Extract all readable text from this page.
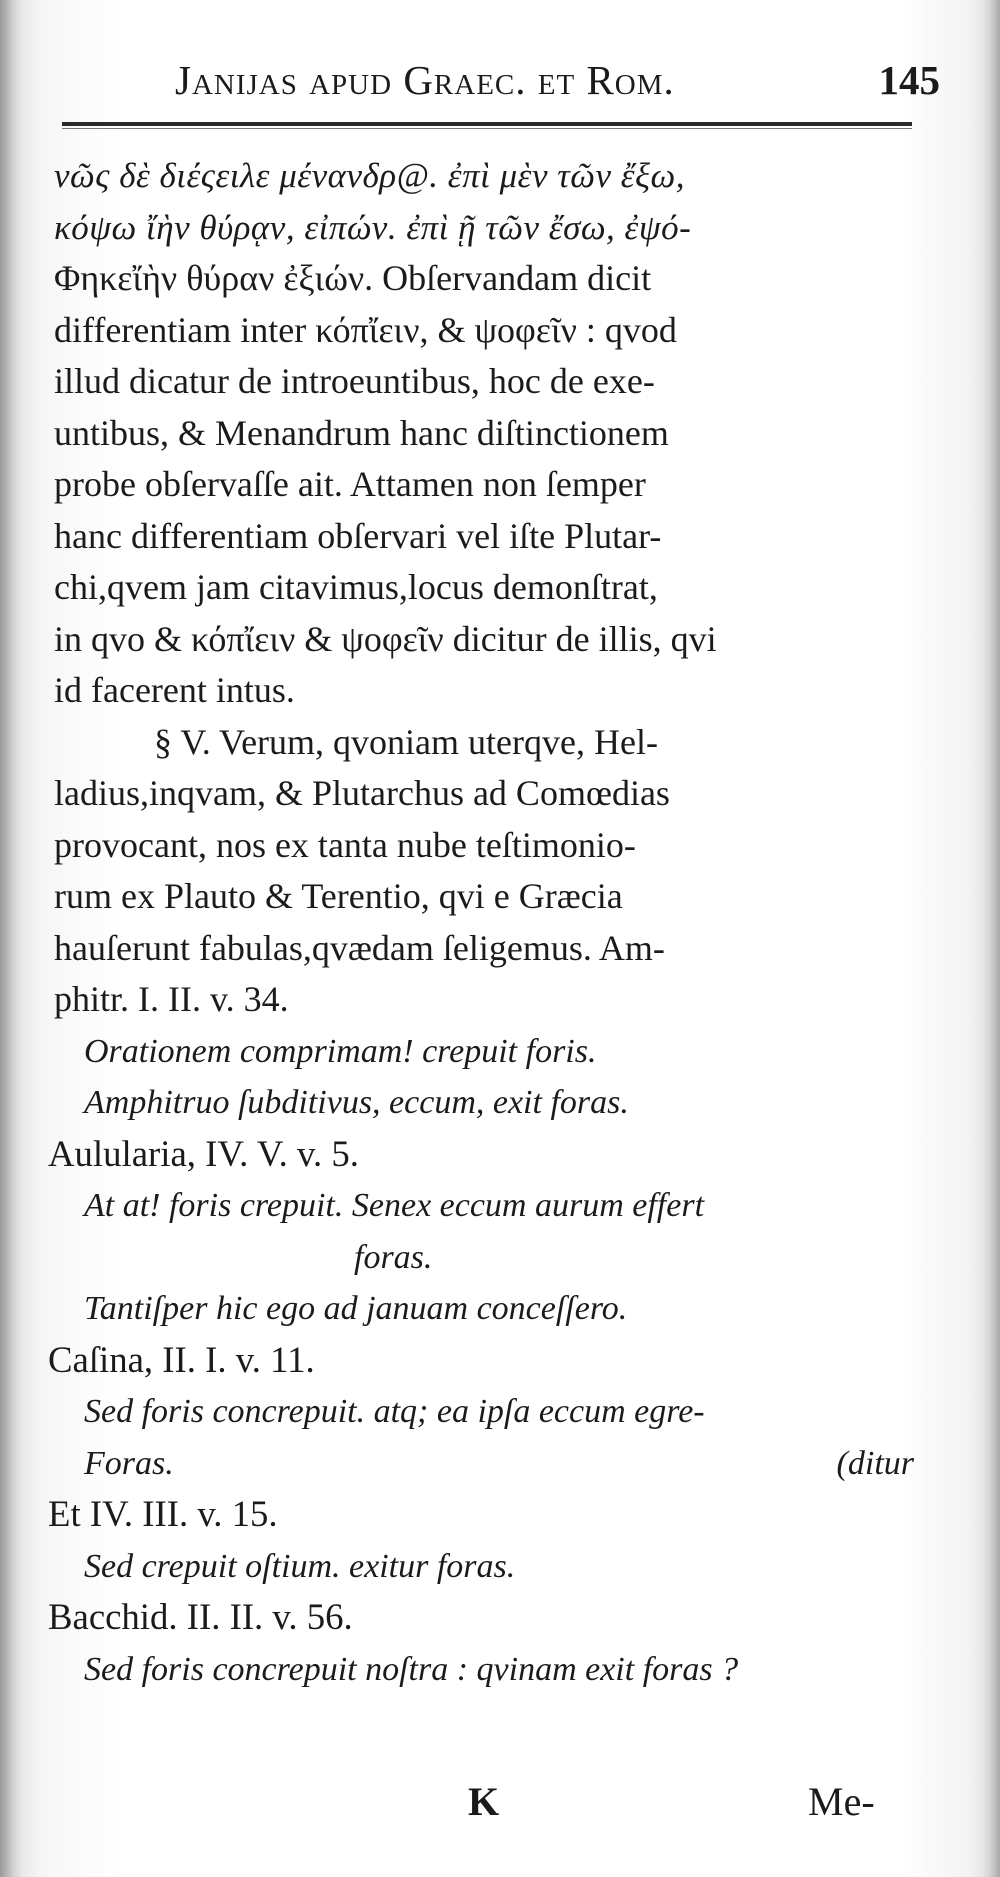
Janijas apud Graec. et Rom.	145
νῶς δὲ διέςειλε μένανδρ@. ἐπὶ μὲν τῶν ἔξω,
κόψω ἴὴν θύρᾳν, εἰπών. ἐπὶ ῇ τῶν ἔσω, ἐψό-
Φηκεἴὴν θύραν ἐξιών. Obſervandam dicit
differentiam inter κόπἴειν, & ψοφεῖν : qvod
illud dicatur de introeuntibus, hoc de exe-
untibus, & Menandrum hanc diſtinctionem
probe obſervaſſe ait. Attamen non ſemper
hanc differentiam obſervari vel iſte Plutar-
chi,qvem jam citavimus,locus demonſtrat,
in qvo & κόπἴειν & ψοφεῖν dicitur de illis, qvi
id facerent intus.
§ V. Verum, qvoniam uterqve, Hel-
ladius,inqvam, & Plutarchus ad Comœdias
provocant, nos ex tanta nube teſtimonio-
rum ex Plauto & Terentio, qvi e Græcia
hauſerunt fabulas,qvædam ſeligemus. Am-
phitr. I. II. v. 34.
Orationem comprimam! crepuit foris.
Amphitruo ſubditivus, eccum, exit foras.
Aulularia, IV. V. v. 5.
At at! foris crepuit. Senex eccum aurum effert
foras.
Tantiſper hic ego ad januam conceſſero.
Caſina, II. I. v. 11.
Sed foris concrepuit. atq; ea ipſa eccum egre-
Foras.	(ditur
Et IV. III. v. 15.
Sed crepuit oſtium. exitur foras.
Bacchid. II. II. v. 56.
Sed foris concrepuit noſtra : qvinam exit foras ?
K	Me-
